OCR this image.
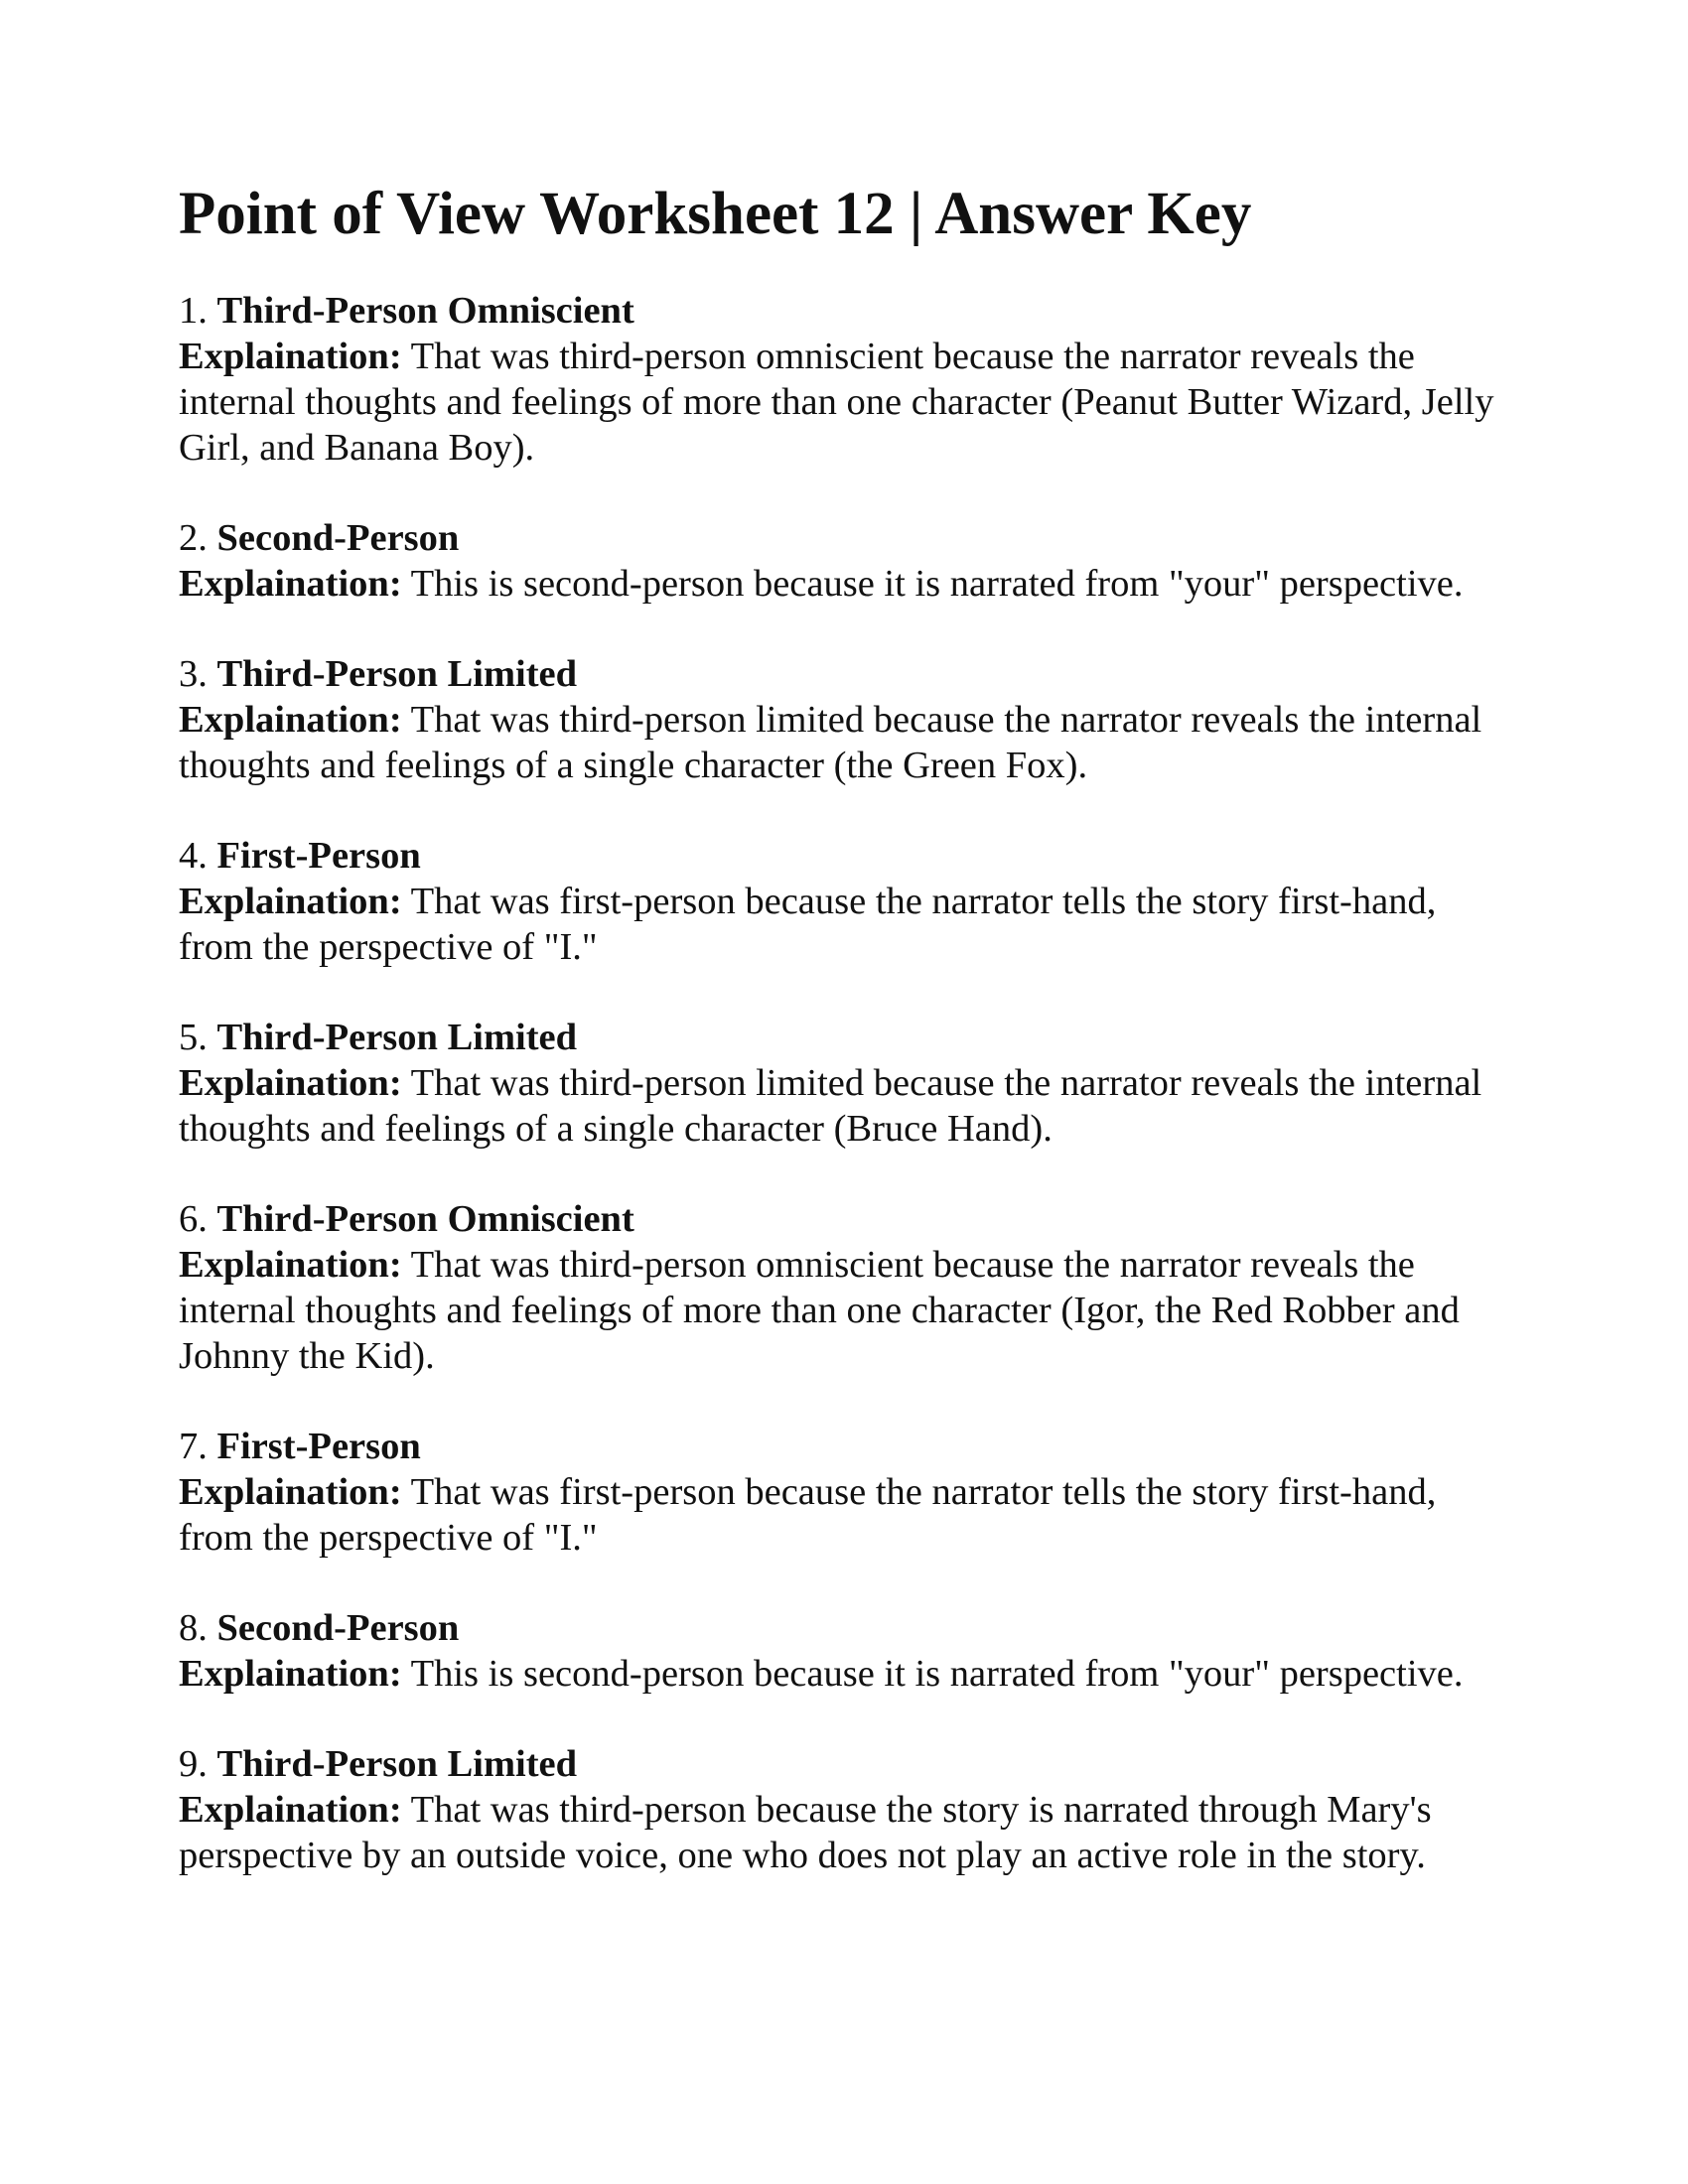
Point of View Worksheet 12 | Answer Key
1. Third-Person Omniscient
Explaination: That was third-person omniscient because the narrator reveals the internal thoughts and feelings of more than one character (Peanut Butter Wizard, Jelly Girl, and Banana Boy).
2. Second-Person
Explaination: This is second-person because it is narrated from "your" perspective.
3. Third-Person Limited
Explaination: That was third-person limited because the narrator reveals the internal thoughts and feelings of a single character (the Green Fox).
4. First-Person
Explaination: That was first-person because the narrator tells the story first-hand, from the perspective of "I."
5. Third-Person Limited
Explaination: That was third-person limited because the narrator reveals the internal thoughts and feelings of a single character (Bruce Hand).
6. Third-Person Omniscient
Explaination: That was third-person omniscient because the narrator reveals the internal thoughts and feelings of more than one character (Igor, the Red Robber and Johnny the Kid).
7. First-Person
Explaination: That was first-person because the narrator tells the story first-hand, from the perspective of "I."
8. Second-Person
Explaination: This is second-person because it is narrated from "your" perspective.
9. Third-Person Limited
Explaination: That was third-person because the story is narrated through Mary's perspective by an outside voice, one who does not play an active role in the story.
